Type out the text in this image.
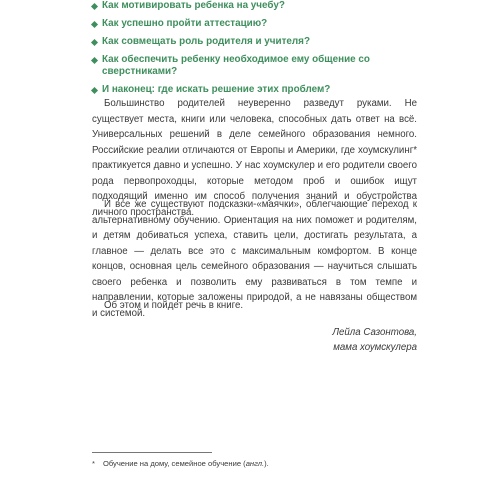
Как мотивировать ребенка на учебу?
Как успешно пройти аттестацию?
Как совмещать роль родителя и учителя?
Как обеспечить ребенку необходимое ему общение со сверстниками?
И наконец: где искать решение этих проблем?

Большинство родителей неуверенно разведут руками. Не существует места, книги или человека, способных дать ответ на всё. Универсальных решений в деле семейного образования немного. Российские реалии отличаются от Европы и Америки, где хоумскулинг* практикуется давно и успешно. У нас хоумскулер и его родители своего рода первопроходцы, которые методом проб и ошибок ищут подходящий именно им способ получения знаний и обустройства личного пространства.

И все же существуют подсказки-«маячки», облегчающие переход к альтернативному обучению. Ориентация на них поможет и родителям, и детям добиваться успеха, ставить цели, достигать результата, а главное — делать все это с максимальным комфортом. В конце концов, основная цель семейного образования — научиться слышать своего ребенка и позволить ему развиваться в том темпе и направлении, которые заложены природой, а не навязаны обществом и системой.

Об этом и пойдет речь в книге.

Лейла Сазонтова,
мама хоумскулера
* Обучение на дому, семейное обучение (англ.).
